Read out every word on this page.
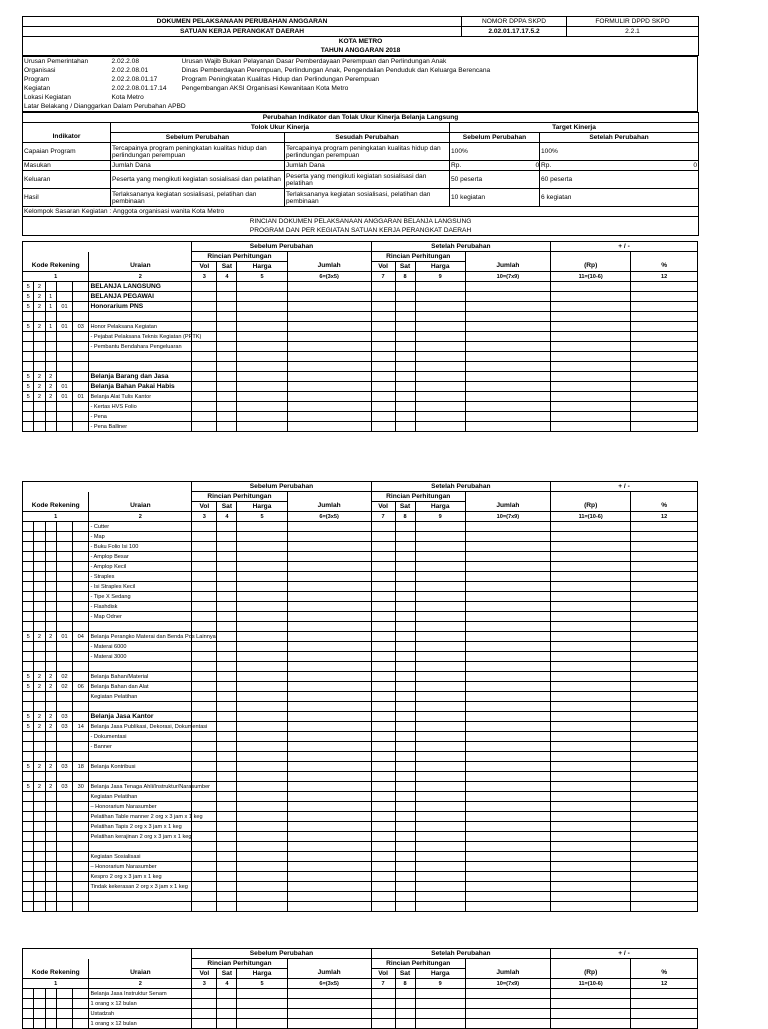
DOKUMEN PELAKSANAAN PERUBAHAN ANGGARAN	NOMOR DPPA SKPD	FORMULIR DPPD SKPD
SATUAN KERJA PERANGKAT DAERAH	2.02.01.17.17.5.2	2.2.1
KOTA METRO		
TAHUN ANGGARAN 2018		
Urusan Pemerintahan	2.02.2.08	Urusan Wajib Bukan Pelayanan Dasar Pemberdayaan Perempuan dan Perlindungan Anak
Organisasi	2.02.2.08.01	Dinas Pemberdayaan Perempuan, Perlindungan Anak, Pengendalian Penduduk dan Keluarga Berencana
Program	2.02.2.08.01.17	Program Peningkatan Kualitas Hidup dan Perlindungan Perempuan
Kegiatan	2.02.2.08.01.17.14	Pengembangan AKSI Organisasi Kewanitaan Kota Metro
Lokasi Kegiatan	Kota Metro	
Latar Belakang / Dianggarkan Dalam Perubahan APBD		
Perubahan Indikator dan Tolak Ukur Kinerja Belanja Langsung						
	Tolok Ukur Kinerja		Target Kinerja			
Indikator	Sebelum Perubahan	Sesudah Perubahan	Sebelum Perubahan		Setelah Perubahan	
Capaian Program	Tercapainya program peningkatan kualitas hidup dan perlindungan perempuan	Tercapainya program peningkatan kualitas hidup dan perlindungan perempuan	100%		100%	
Masukan	Jumlah Dana	Jumlah Dana	Rp.	0	Rp.	0
Keluaran	Peserta yang mengikuti kegiatan sosialisasi dan pelatihan	Peserta yang mengikuti kegiatan sosialisasi dan pelatihan	50 peserta		60 peserta	
Hasil	Terlaksananya kegiatan sosialisasi, pelatihan dan pembinaan	Terlaksananya kegiatan sosialisasi, pelatihan dan pembinaan	10 kegiatan		6 kegiatan	
Kelompok Sasaran Kegiatan : Anggota organisasi wanita Kota Metro						
RINCIAN DOKUMEN PELAKSANAAN ANGGARAN BELANJA LANGSUNG						
PROGRAM DAN PER KEGIATAN SATUAN KERJA PERANGKAT DAERAH						
						Sebelum Perubahan				Setelah Perubahan				+ / -	
						Rincian Perhitungan				Rincian Perhitungan					
Kode Rekening					Uraian	Vol	Sat	Harga	Jumlah	Vol	Sat	Harga	Jumlah	(Rp)	%
1					2	3	4	5	6=(3x5)	7	8	9	10=(7x9)	11=(10-6)	12
5	2				BELANJA LANGSUNG										
5	2	1			BELANJA PEGAWAI										
5	2	1	01		Honorarium PNS										

5	2	1	01	03	Honor Pelaksana Kegiatan										
					- Pejabat Pelaksana Teknis Kegiatan (PPTK)										
					- Pembantu Bendahara Pengeluaran										

5	2	2			Belanja Barang dan Jasa										
5	2	2	01		Belanja Bahan Pakai Habis										
5	2	2	01	01	Belanja Alat Tulis Kantor										
					- Kertas HVS Folio										
					- Pena										
					- Pena Balliner										
						Sebelum Perubahan				Setelah Perubahan				+ / -	
						Rincian Perhitungan				Rincian Perhitungan					
Kode Rekening					Uraian	Vol	Sat	Harga	Jumlah	Vol	Sat	Harga	Jumlah	(Rp)	%
1					2	3	4	5	6=(3x5)	7	8	9	10=(7x9)	11=(10-6)	12
					- Cutter										
					- Map										
					- Buku Folio Isi 100										
					- Amplop Besar										
					- Amplop Kecil										
					- Straples										
					- Isi Straples Kecil										
					- Tipe X Sedang										
					- Flashdisk										
					- Map Odner										

5	2	2	01	04	Belanja Perangko Materai dan Benda Pos Lainnya										
					- Materai 6000										
					- Materai 3000										

5	2	2	02		Belanja Bahan/Material										
5	2	2	02	06	Belanja Bahan dan Alat										
					Kegiatan Pelatihan										

5	2	2	03		Belanja Jasa Kantor										
5	2	2	03	14	Belanja Jasa Publikasi, Dekorasi, Dokumentasi										
					- Dokumentasi										
					- Banner										

5	2	2	03	18	Belanja Kontribusi										

5	2	2	03	30	Belanja Jasa Tenaga Ahli/Instruktur/Narasumber										
					Kegiatan Pelatihan										
					– Honorarium Narasumber										
					Pelatihan Table manner 2 org x 3 jam x 1 keg										
					Pelatihan Tapis 2 org x 3 jam x 1 keg										
					Pelatihan kerajinan 2 org x 3 jam x 1 keg										

					Kegiatan Sosialisasi										
					– Honorarium Narasumber										
					Kespro 2 org x 3 jam x 1 keg										
					Tindak kekerasan 2 org x 3 jam x 1 keg										

						Sebelum Perubahan				Setelah Perubahan				+ / -	
						Rincian Perhitungan				Rincian Perhitungan					
Kode Rekening					Uraian	Vol	Sat	Harga	Jumlah	Vol	Sat	Harga	Jumlah	(Rp)	%
1					2	3	4	5	6=(3x5)	7	8	9	10=(7x9)	11=(10-6)	12
					Belanja Jasa Instruktur Senam										
					1 orang x 12 bulan										
					Ustadzah										
					1 orang x 12 bulan										
